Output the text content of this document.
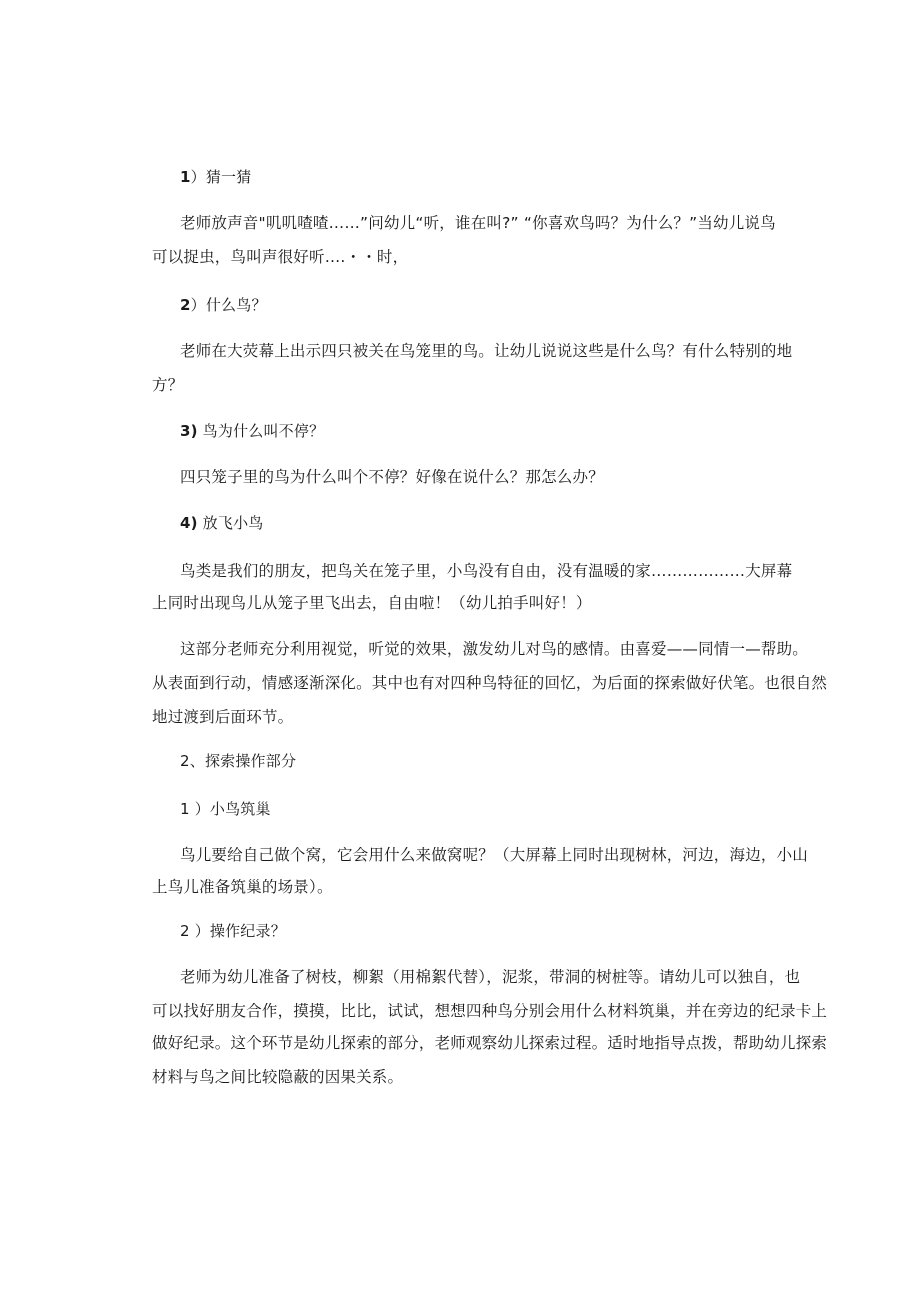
1）猜一猜
老师放声音"叽叽喳喳……”问幼儿“听，谁在叫?” “你喜欢鸟吗？为什么？”当幼儿说鸟
可以捉虫，鸟叫声很好听….・・时，
2）什么鸟？
老师在大荧幕上出示四只被关在鸟笼里的鸟。让幼儿说说这些是什么鸟？有什么特别的地
方？
3) 鸟为什么叫不停？
四只笼子里的鸟为什么叫个不停？好像在说什么？那怎么办？
4) 放飞小鸟
鸟类是我们的朋友，把鸟关在笼子里，小鸟没有自由，没有温暖的家………………大屏幕
上同时出现鸟儿从笼子里飞出去，自由啦！（幼儿拍手叫好！）
这部分老师充分利用视觉，听觉的效果，激发幼儿对鸟的感情。由喜爱——同情一—帮助。
从表面到行动，情感逐渐深化。其中也有对四种鸟特征的回忆，为后面的探索做好伏笔。也很自然
地过渡到后面环节。
2、探索操作部分
1 ）小鸟筑巢
鸟儿要给自己做个窝，它会用什么来做窝呢？（大屏幕上同时出现树林，河边，海边，小山
上鸟儿准备筑巢的场景）。
2 ）操作纪录？
老师为幼儿准备了树枝，柳絮（用棉絮代替），泥浆，带洞的树桩等。请幼儿可以独自，也
可以找好朋友合作，摸摸，比比，试试，想想四种鸟分别会用什么材料筑巢，并在旁边的纪录卡上
做好纪录。这个环节是幼儿探索的部分，老师观察幼儿探索过程。适时地指导点拨，帮助幼儿探索
材料与鸟之间比较隐蔽的因果关系。
